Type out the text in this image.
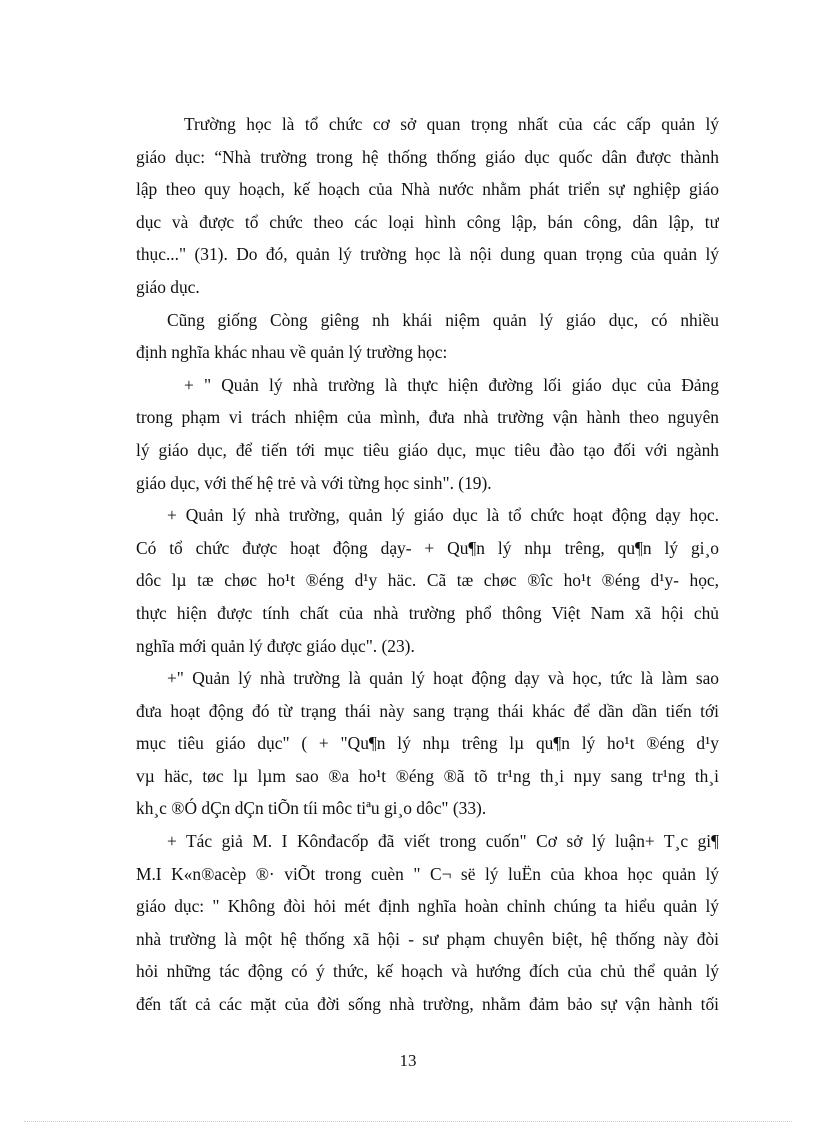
Trường học là tổ chức cơ sở quan trọng nhất của các cấp quản lý
giáo dục: “Nhà trường trong hệ thống thống giáo dục quốc dân được thành
lập theo quy hoạch, kế hoạch của Nhà nước nhằm phát triển sự nghiệp giáo
dục và được tổ chức theo các loại hình công lập, bán công, dân lập, tư
thục..." (31). Do đó, quản lý trường học là nội dung quan trọng của quản lý
giáo dục.
Cũng giống Còng giêng nh khái niệm quản lý giáo dục, có nhiều
định nghĩa khác nhau về quản lý trường học:
+ " Quản lý nhà trường là thực hiện đường lối giáo dục của Đảng
trong phạm vi trách nhiệm của mình, đưa nhà trường vận hành theo nguyên
lý giáo dục, để tiến tới mục tiêu giáo dục, mục tiêu đào tạo đối với ngành
giáo dục, với thế hệ trẻ và với từng học sinh". (19).
+ Quản lý nhà trường, quản lý giáo dục là tổ chức hoạt động dạy học.
Có tổ chức được hoạt động dạy- + Qu¶n lý nhµ trêng, qu¶n lý gi¸o
dôc lµ tæ chøc ho¹t ®éng d¹y häc. Cã tæ chøc ®îc ho¹t ®éng d¹y- học,
thực hiện được tính chất của nhà trường phổ thông Việt Nam xã hội chủ
nghĩa mới quản lý được giáo dục". (23).
+" Quản lý nhà trường là quản lý hoạt động dạy và học, tức là làm sao
đưa hoạt động đó từ trạng thái này sang trạng thái khác để dần dần tiến tới
mục tiêu giáo dục" ( + "Qu¶n lý nhµ trêng lµ qu¶n lý ho¹t ®éng d¹y
vµ häc, tøc lµ lµm sao ®a ho¹t ®éng ®ã tõ tr¹ng th¸i nµy sang tr¹ng th¸i
kh¸c ®Ó dÇn dÇn tiÕn tíi môc tiªu gi¸o dôc" (33).
+ Tác giả M. I Kônđacốp đã viết trong cuốn" Cơ sở lý luận+ T¸c gi¶
M.I K«n®acèp ®· viÕt trong cuèn " C¬ së lý luËn của khoa học quản lý
giáo dục: " Không đòi hỏi mét định nghĩa hoàn chỉnh chúng ta hiểu quản lý
nhà trường là một hệ thống xã hội - sư phạm chuyên biệt, hệ thống này đòi
hỏi những tác động có ý thức, kế hoạch và hướng đích của chủ thể quản lý
đến tất cả các mặt của đời sống nhà trường, nhằm đảm bảo sự vận hành tối
13
